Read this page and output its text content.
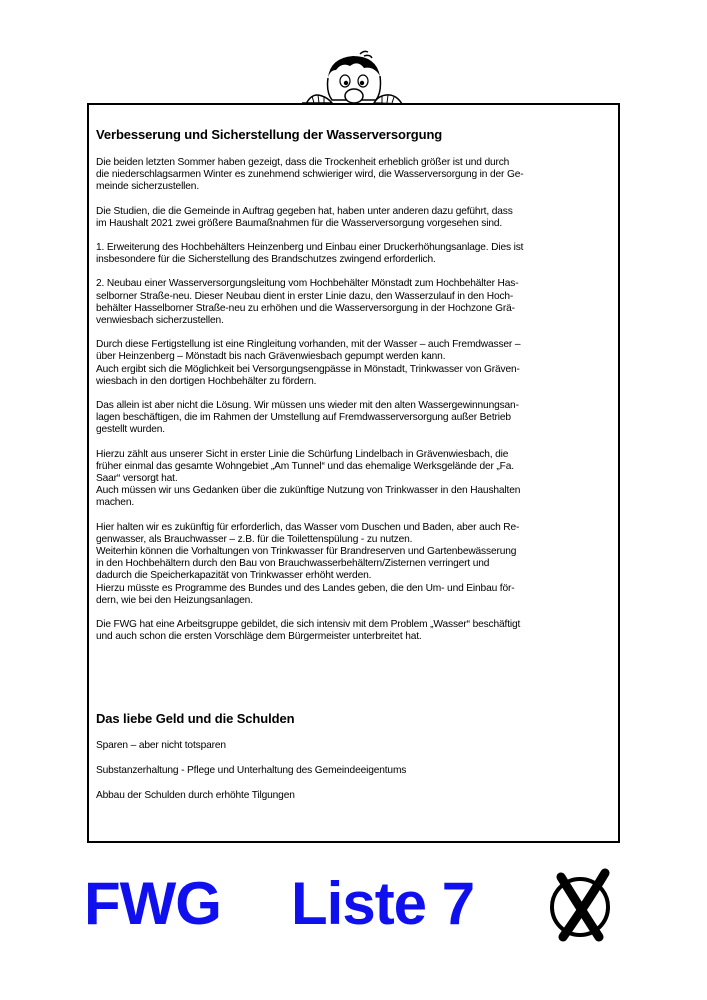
Verbesserung und Sicherstellung der Wasserversorgung

Die beiden letzten Sommer haben gezeigt, dass die Trockenheit erheblich größer ist und durch
die niederschlagsarmen Winter es zunehmend schwieriger wird, die Wasserversorgung in der Ge-
meinde sicherzustellen.

Die Studien, die die Gemeinde in Auftrag gegeben hat, haben unter anderen dazu geführt, dass
im Haushalt 2021 zwei größere Baumaßnahmen für die Wasserversorgung vorgesehen sind.

1. Erweiterung des Hochbehälters Heinzenberg und Einbau einer Druckerhöhungsanlage. Dies ist
insbesondere für die Sicherstellung des Brandschutzes zwingend erforderlich.

2. Neubau einer Wasserversorgungsleitung vom Hochbehälter Mönstadt zum Hochbehälter Has-
selborner Straße-neu. Dieser Neubau dient in erster Linie dazu, den Wasserzulauf in den Hoch-
behälter Hasselborner Straße-neu zu erhöhen und die Wasserversorgung in der Hochzone Grä-
venwiesbach sicherzustellen.

Durch diese Fertigstellung ist eine Ringleitung vorhanden, mit der Wasser – auch Fremdwasser –
über Heinzenberg – Mönstadt bis nach Grävenwiesbach gepumpt werden kann.
Auch ergibt sich die Möglichkeit bei Versorgungsengpässe in Mönstadt, Trinkwasser von Gräven-
wiesbach in den dortigen Hochbehälter zu fördern.

Das allein ist aber nicht die Lösung. Wir müssen uns wieder mit den alten Wassergewinnungsan-
lagen beschäftigen, die im Rahmen der Umstellung auf Fremdwasserversorgung außer Betrieb
gestellt wurden.

Hierzu zählt aus unserer Sicht in erster Linie die Schürfung Lindelbach in Grävenwiesbach, die
früher einmal das gesamte Wohngebiet „Am Tunnel“ und das ehemalige Werksgelände der „Fa.
Saar“ versorgt hat.
Auch müssen wir uns Gedanken über die zukünftige Nutzung von Trinkwasser in den Haushalten
machen.

Hier halten wir es zukünftig für erforderlich, das Wasser vom Duschen und Baden, aber auch Re-
genwasser, als Brauchwasser – z.B. für die Toilettenspülung - zu nutzen.
Weiterhin können die Vorhaltungen von Trinkwasser für Brandreserven und Gartenbewässerung
in den Hochbehältern durch den Bau von Brauchwasserbehältern/Zisternen verringert und
dadurch die Speicherkapazität von Trinkwasser erhöht werden.
Hierzu müsste es Programme des Bundes und des Landes geben, die den Um- und Einbau för-
dern, wie bei den Heizungsanlagen.

Die FWG hat eine Arbeitsgruppe gebildet, die sich intensiv mit dem Problem „Wasser“ beschäftigt
und auch schon die ersten Vorschläge dem Bürgermeister unterbreitet hat.

Das liebe Geld und die Schulden

Sparen – aber nicht totsparen

Substanzerhaltung - Pflege und Unterhaltung des Gemeindeeigentums

Abbau der Schulden durch erhöhte Tilgungen

FWG Liste 7
